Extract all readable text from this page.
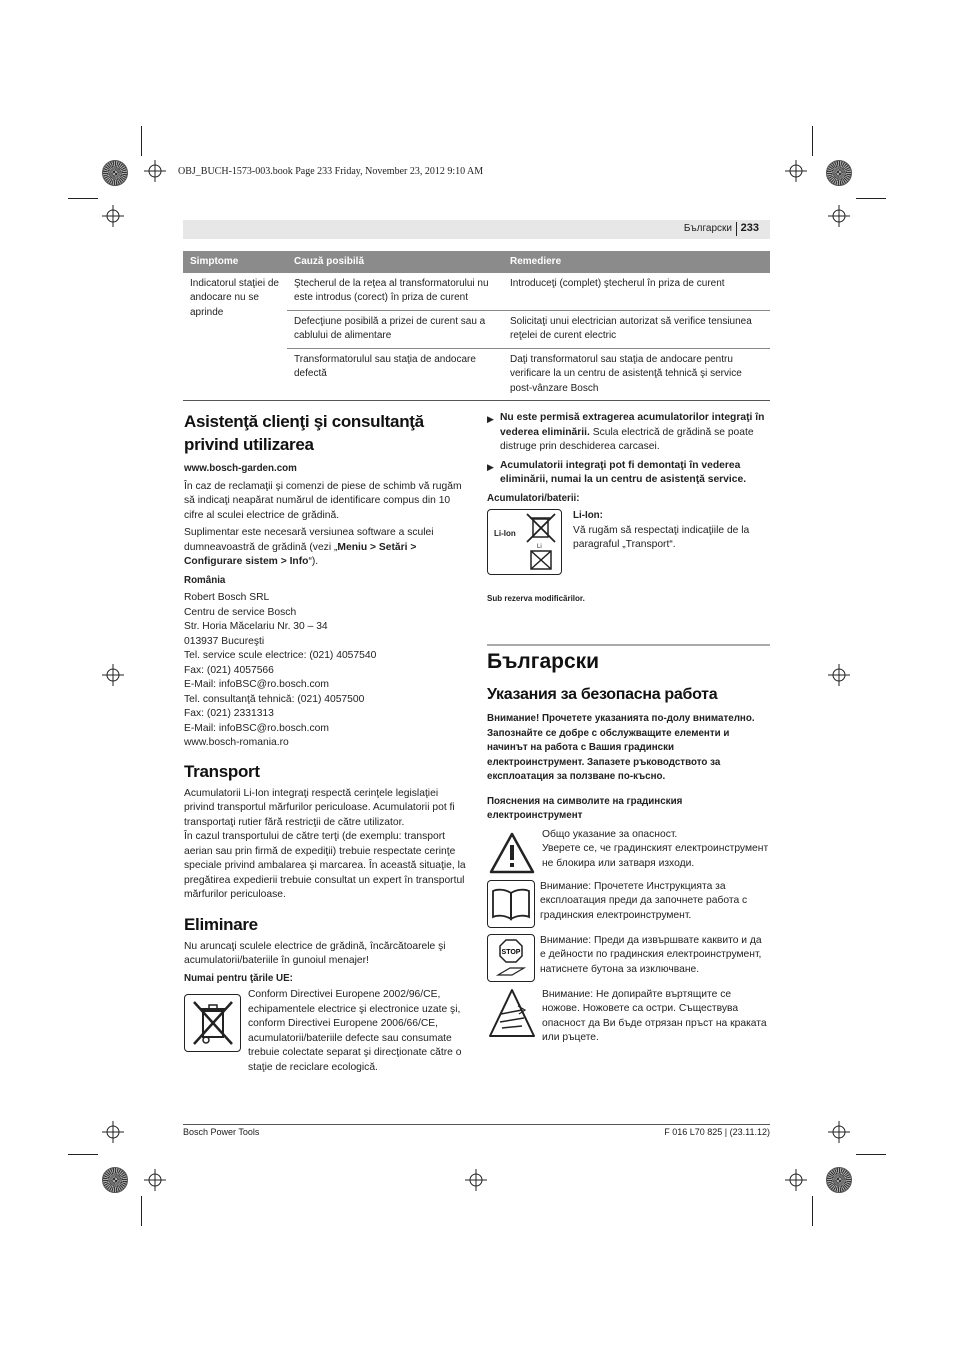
OBJ_BUCH-1573-003.book Page 233 Friday, November 23, 2012 9:10 AM
Български 233
Simptome	Cauză posibilă	Remediere
Indicatorul staţiei de andocare nu se aprinde	Ştecherul de la reţea al transformatorului nu este introdus (corect) în priza de curent	Introduceţi (complet) ştecherul în priza de curent
	Defecţiune posibilă a prizei de curent sau a cablului de alimentare	Solicitaţi unui electrician autorizat să verifice tensiunea reţelei de curent electric
	Transformatorulul sau staţia de andocare defectă	Daţi transformatorul sau staţia de andocare pentru verificare la un centru de asistenţă tehnică şi service post-vânzare Bosch
Asistenţă clienţi şi consultanţă privind utilizarea
www.bosch-garden.com
În caz de reclamaţii şi comenzi de piese de schimb vă rugăm să indicaţi neapărat numărul de identificare compus din 10 cifre al sculei electrice de grădină.
Suplimentar este necesară versiunea software a sculei dumneavoastră de grădină (vezi „Meniu > Setări > Configurare sistem > Info“).
România
Robert Bosch SRL
Centru de service Bosch
Str. Horia Măcelariu Nr. 30 – 34
013937 Bucureşti
Tel. service scule electrice: (021) 4057540
Fax: (021) 4057566
E-Mail: infoBSC@ro.bosch.com
Tel. consultanţă tehnică: (021) 4057500
Fax: (021) 2331313
E-Mail: infoBSC@ro.bosch.com
www.bosch-romania.ro
Transport
Acumulatorii Li-Ion integraţi respectă cerinţele legislaţiei privind transportul mărfurilor periculoase. Acumulatorii pot fi transportaţi rutier fără restricţii de către utilizator.
În cazul transportului de către terţi (de exemplu: transport aerian sau prin firmă de expediţii) trebuie respectate cerinţe speciale privind ambalarea şi marcarea. În această situaţie, la pregătirea expedierii trebuie consultat un expert în transportul mărfurilor periculoase.
Eliminare
Nu aruncaţi sculele electrice de grădină, încărcătoarele şi acumulatorii/bateriile în gunoiul menajer!
Numai pentru ţările UE:
Conform Directivei Europene 2002/96/CE, echipamentele electrice şi electronice uzate şi, conform Directivei Europene 2006/66/CE, acumulatorii/bateriile defecte sau consumate trebuie colectate separat şi direcţionate către o staţie de reciclare ecologică.
▶ Nu este permisă extragerea acumulatorilor integraţi în vederea eliminării. Scula electrică de grădină se poate distruge prin deschiderea carcasei.
▶ Acumulatorii integraţi pot fi demontaţi în vederea eliminării, numai la un centru de asistenţă service.
Acumulatori/baterii:
Li-Ion
Li
Li-Ion:
Vă rugăm să respectaţi indicaţiile de la paragraful „Transport“.
Sub rezerva modificărilor.
Български
Указания за безопасна работа
Внимание! Прочетете указанията по-долу внимателно. Запознайте се добре с обслужващите елементи и начинът на работа с Вашия градински електроинструмент. Запазете ръководството за експлоатация за ползване по-късно.
Пояснения на символите на градинския електроинструмент
Общо указание за опасност.
Уверете се, че градинският електроинструмент не блокира или затваря изходи.
Внимание: Прочетете Инструкцията за експлоатация преди да започнете работа с градинския електроинструмент.
STOP
Внимание: Преди да извършвате каквито и да е дейности по градинския електроинструмент, натиснете бутона за изключване.
Внимание: Не допирайте въртящите се ножове. Ножовете са остри. Съществува опасност да Ви бъде отрязан пръст на краката или ръцете.
Bosch Power Tools	F 016 L70 825 | (23.11.12)
